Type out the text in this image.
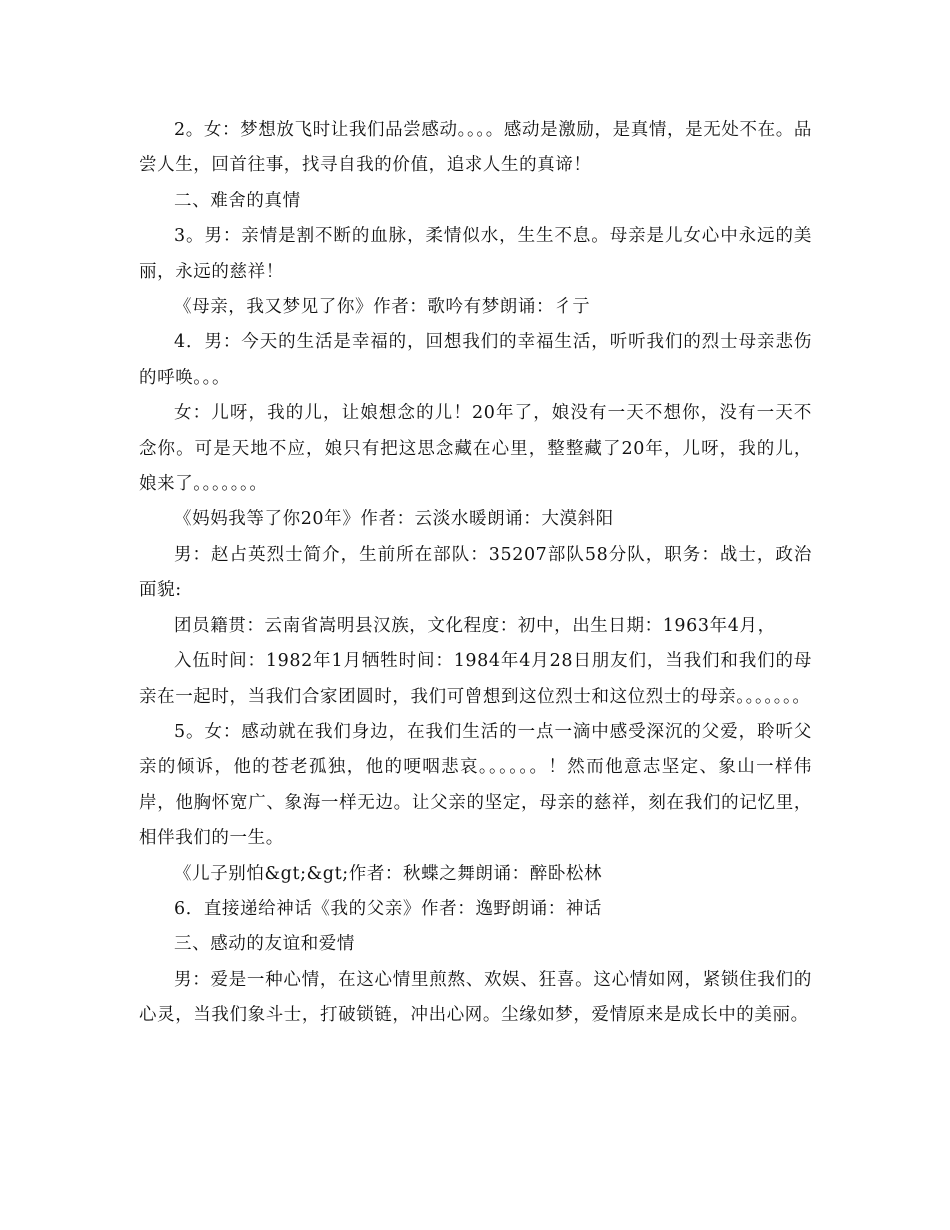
2。女：梦想放飞时让我们品尝感动。。。。感动是激励，是真情，是无处不在。品尝人生，回首往事，找寻自我的价值，追求人生的真谛！

二、难舍的真情

3。男：亲情是割不断的血脉，柔情似水，生生不息。母亲是儿女心中永远的美丽，永远的慈祥！

《母亲，我又梦见了你》作者：歌吟有梦朗诵：彳亍

4．男：今天的生活是幸福的，回想我们的幸福生活，听听我们的烈士母亲悲伤的呼唤。。。

女：儿呀，我的儿，让娘想念的儿！20年了，娘没有一天不想你，没有一天不念你。可是天地不应，娘只有把这思念藏在心里，整整藏了20年，儿呀，我的儿，娘来了。。。。。。。

《妈妈我等了你20年》作者：云淡水暖朗诵：大漠斜阳

男：赵占英烈士简介，生前所在部队：35207部队58分队，职务：战士，政治面貌:

团员籍贯：云南省嵩明县汉族，文化程度：初中，出生日期：1963年4月，

入伍时间：1982年1月牺牲时间：1984年4月28日朋友们，当我们和我们的母亲在一起时，当我们合家团圆时，我们可曾想到这位烈士和这位烈士的母亲。。。。。。。

5。女：感动就在我们身边，在我们生活的一点一滴中感受深沉的父爱，聆听父亲的倾诉，他的苍老孤独，他的哽咽悲哀。。。。。。！然而他意志坚定、象山一样伟岸，他胸怀宽广、象海一样无边。让父亲的坚定，母亲的慈祥，刻在我们的记忆里，相伴我们的一生。

《儿子别怕&gt;&gt;作者：秋蝶之舞朗诵：醉卧松林

6．直接递给神话《我的父亲》作者：逸野朗诵：神话

三、感动的友谊和爱情

男：爱是一种心情，在这心情里煎熬、欢娱、狂喜。这心情如网，紧锁住我们的心灵，当我们象斗士，打破锁链，冲出心网。尘缘如梦，爱情原来是成长中的美丽。
